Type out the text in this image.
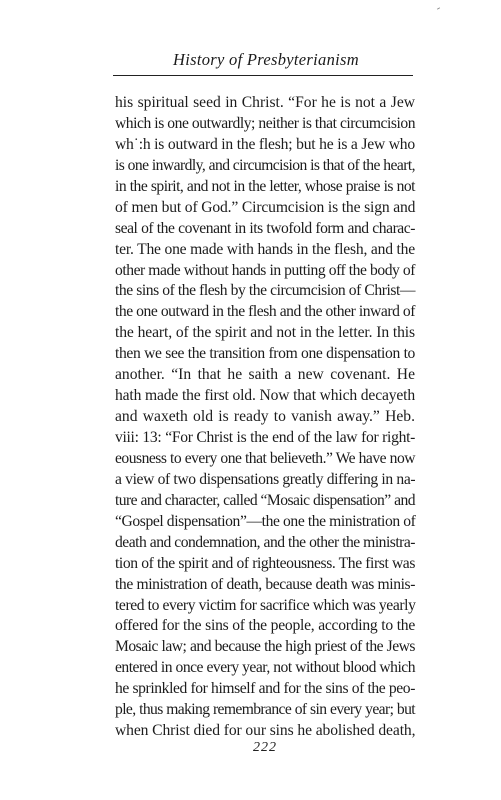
History of Presbyterianism
his spiritual seed in Christ. “For he is not a Jew
which is one outwardly; neither is that circumcision
wh˙:h is outward in the flesh; but he is a Jew who
is one inwardly, and circumcision is that of the heart,
in the spirit, and not in the letter, whose praise is not
of men but of God.” Circumcision is the sign and
seal of the covenant in its twofold form and charac-
ter. The one made with hands in the flesh, and the
other made without hands in putting off the body of
the sins of the flesh by the circumcision of Christ—
the one outward in the flesh and the other inward of
the heart, of the spirit and not in the letter. In this
then we see the transition from one dispensation to
another. “In that he saith a new covenant. He
hath made the first old. Now that which decayeth
and waxeth old is ready to vanish away.” Heb.
viii: 13: “For Christ is the end of the law for right-
eousness to every one that believeth.” We have now
a view of two dispensations greatly differing in na-
ture and character, called “Mosaic dispensation” and
“Gospel dispensation”—the one the ministration of
death and condemnation, and the other the ministra-
tion of the spirit and of righteousness. The first was
the ministration of death, because death was minis-
tered to every victim for sacrifice which was yearly
offered for the sins of the people, according to the
Mosaic law; and because the high priest of the Jews
entered in once every year, not without blood which
he sprinkled for himself and for the sins of the peo-
ple, thus making remembrance of sin every year; but
when Christ died for our sins he abolished death,
222
